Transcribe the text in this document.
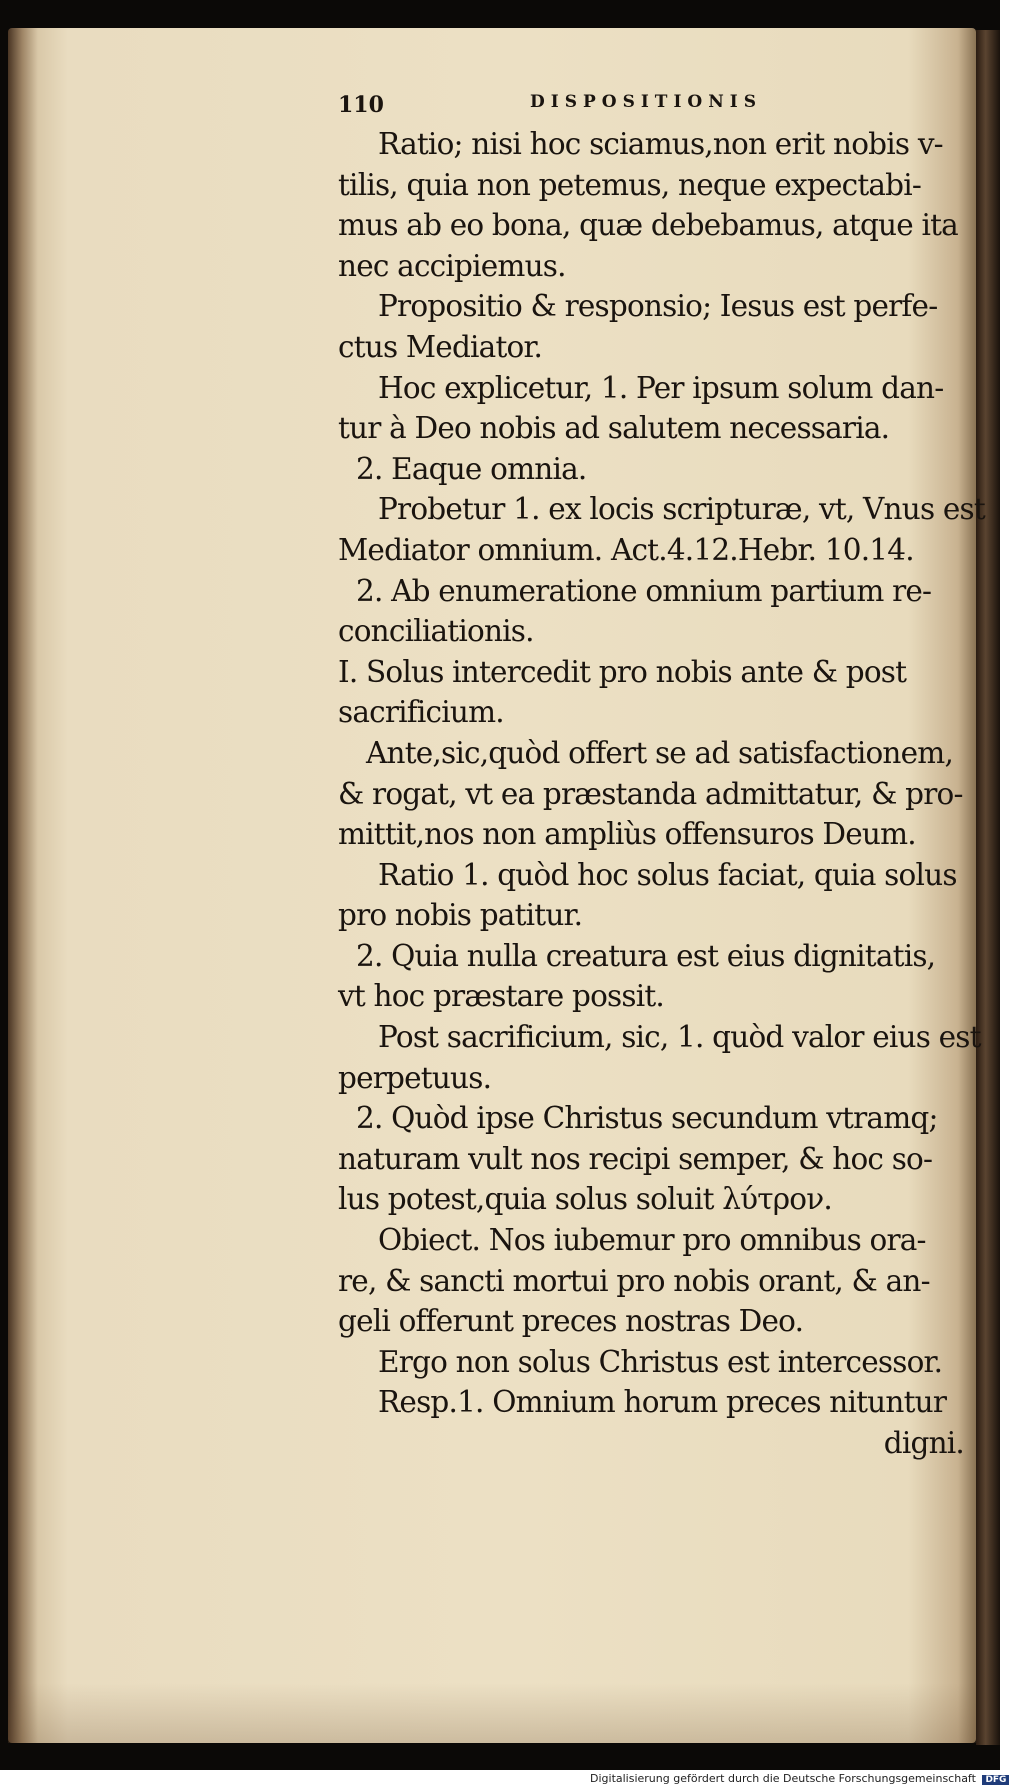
110	DISPOSITIONIS
Ratio; nisi hoc sciamus,non erit nobis v-
tilis, quia non petemus, neque expectabi-
mus ab eo bona, quæ debebamus, atque ita
nec accipiemus.
Propositio & responsio; Iesus est perfe-
ctus Mediator.
Hoc explicetur, 1. Per ipsum solum dan-
tur à Deo nobis ad salutem necessaria.
2. Eaque omnia.
Probetur 1. ex locis scripturæ, vt, Vnus est
Mediator omnium. Act.4.12.Hebr. 10.14.
2. Ab enumeratione omnium partium re-
conciliationis.
I. Solus intercedit pro nobis ante & post
sacrificium.
Ante,sic,quòd offert se ad satisfactionem,
& rogat, vt ea præstanda admittatur, & pro-
mittit,nos non ampliùs offensuros Deum.
Ratio 1. quòd hoc solus faciat, quia solus
pro nobis patitur.
2. Quia nulla creatura est eius dignitatis,
vt hoc præstare possit.
Post sacrificium, sic, 1. quòd valor eius est
perpetuus.
2. Quòd ipse Christus secundum vtramq;
naturam vult nos recipi semper, & hoc so-
lus potest,quia solus soluit λύτρον.
Obiect. Nos iubemur pro omnibus ora-
re, & sancti mortui pro nobis orant, & an-
geli offerunt preces nostras Deo.
Ergo non solus Christus est intercessor.
Resp.1. Omnium horum preces nituntur
digni.
Digitalisierung gefördert durch die Deutsche Forschungsgemeinschaft DFG
